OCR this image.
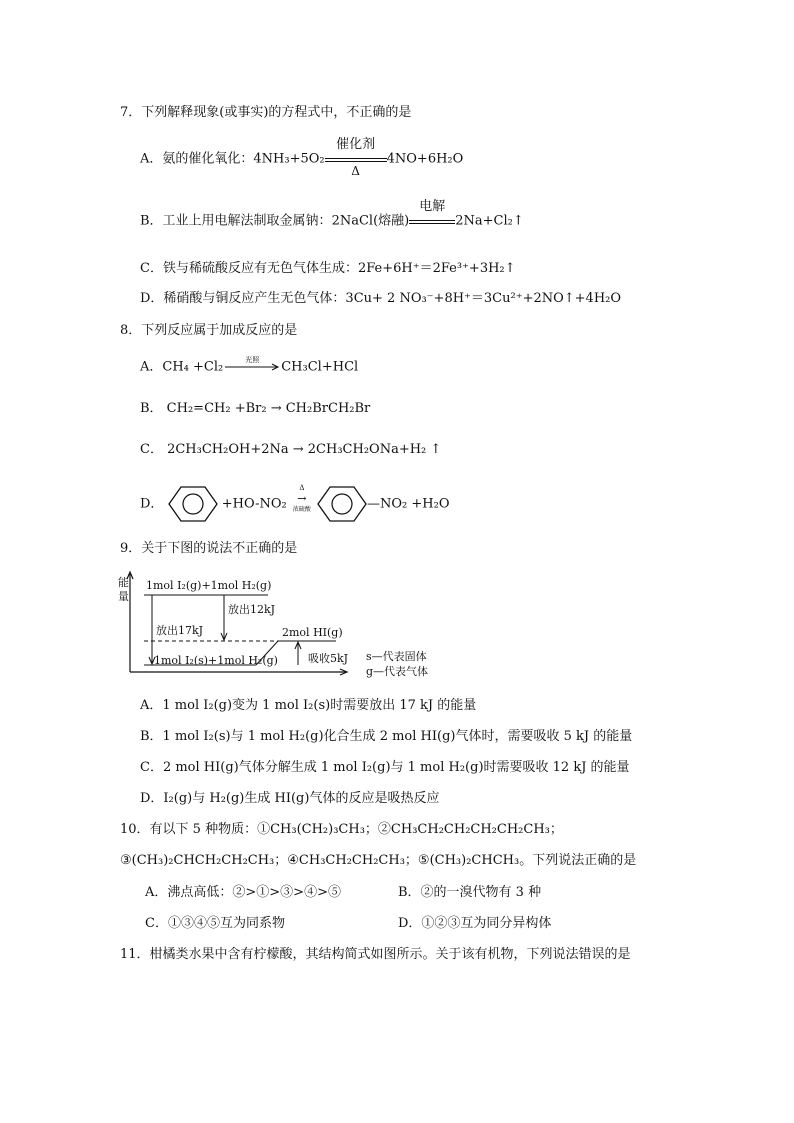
7．下列解释现象(或事实)的方程式中，不正确的是
A．氨的催化氧化：4NH₃+5O₂
催化剂
Δ
4NO+6H₂O
B．工业上用电解法制取金属钠：2NaCl(熔融)
电解
2Na+Cl₂↑
C．铁与稀硫酸反应有无色气体生成：2Fe+6H⁺＝2Fe³⁺+3H₂↑
D．稀硝酸与铜反应产生无色气体：3Cu+ 2 NO₃⁻+8H⁺＝3Cu²⁺+2NO↑+4H₂O
8．下列反应属于加成反应的是
A．CH₄ +Cl₂	光照	CH₃Cl+HCl
B． CH₂=CH₂ +Br₂ → CH₂BrCH₂Br
C． 2CH₃CH₂OH+2Na → 2CH₃CH₂ONa+H₂ ↑
D．	+HO-NO₂
Δ
→
浓硫酸	—NO₂ +H₂O
9．关于下图的说法不正确的是
能
量
1mol I₂(g)+1mol H₂(g)
放出12kJ
放出17kJ	2mol HI(g)
吸收5kJ
1mol I₂(s)+1mol H₂(g)	s—代表固体
g—代表气体
A．1 mol I₂(g)变为 1 mol I₂(s)时需要放出 17 kJ 的能量
B．1 mol I₂(s)与 1 mol H₂(g)化合生成 2 mol HI(g)气体时，需要吸收 5 kJ 的能量
C．2 mol HI(g)气体分解生成 1 mol I₂(g)与 1 mol H₂(g)时需要吸收 12 kJ 的能量
D．I₂(g)与 H₂(g)生成 HI(g)气体的反应是吸热反应
10．有以下 5 种物质：①CH₃(CH₂)₃CH₃；②CH₃CH₂CH₂CH₂CH₂CH₃；
③(CH₃)₂CHCH₂CH₂CH₃；④CH₃CH₂CH₂CH₃；⑤(CH₃)₂CHCH₃。下列说法正确的是
A．沸点高低：②>①>③>④>⑤	B．②的一溴代物有 3 种
C．①③④⑤互为同系物	D．①②③互为同分异构体
11．柑橘类水果中含有柠檬酸，其结构简式如图所示。关于该有机物，下列说法错误的是
